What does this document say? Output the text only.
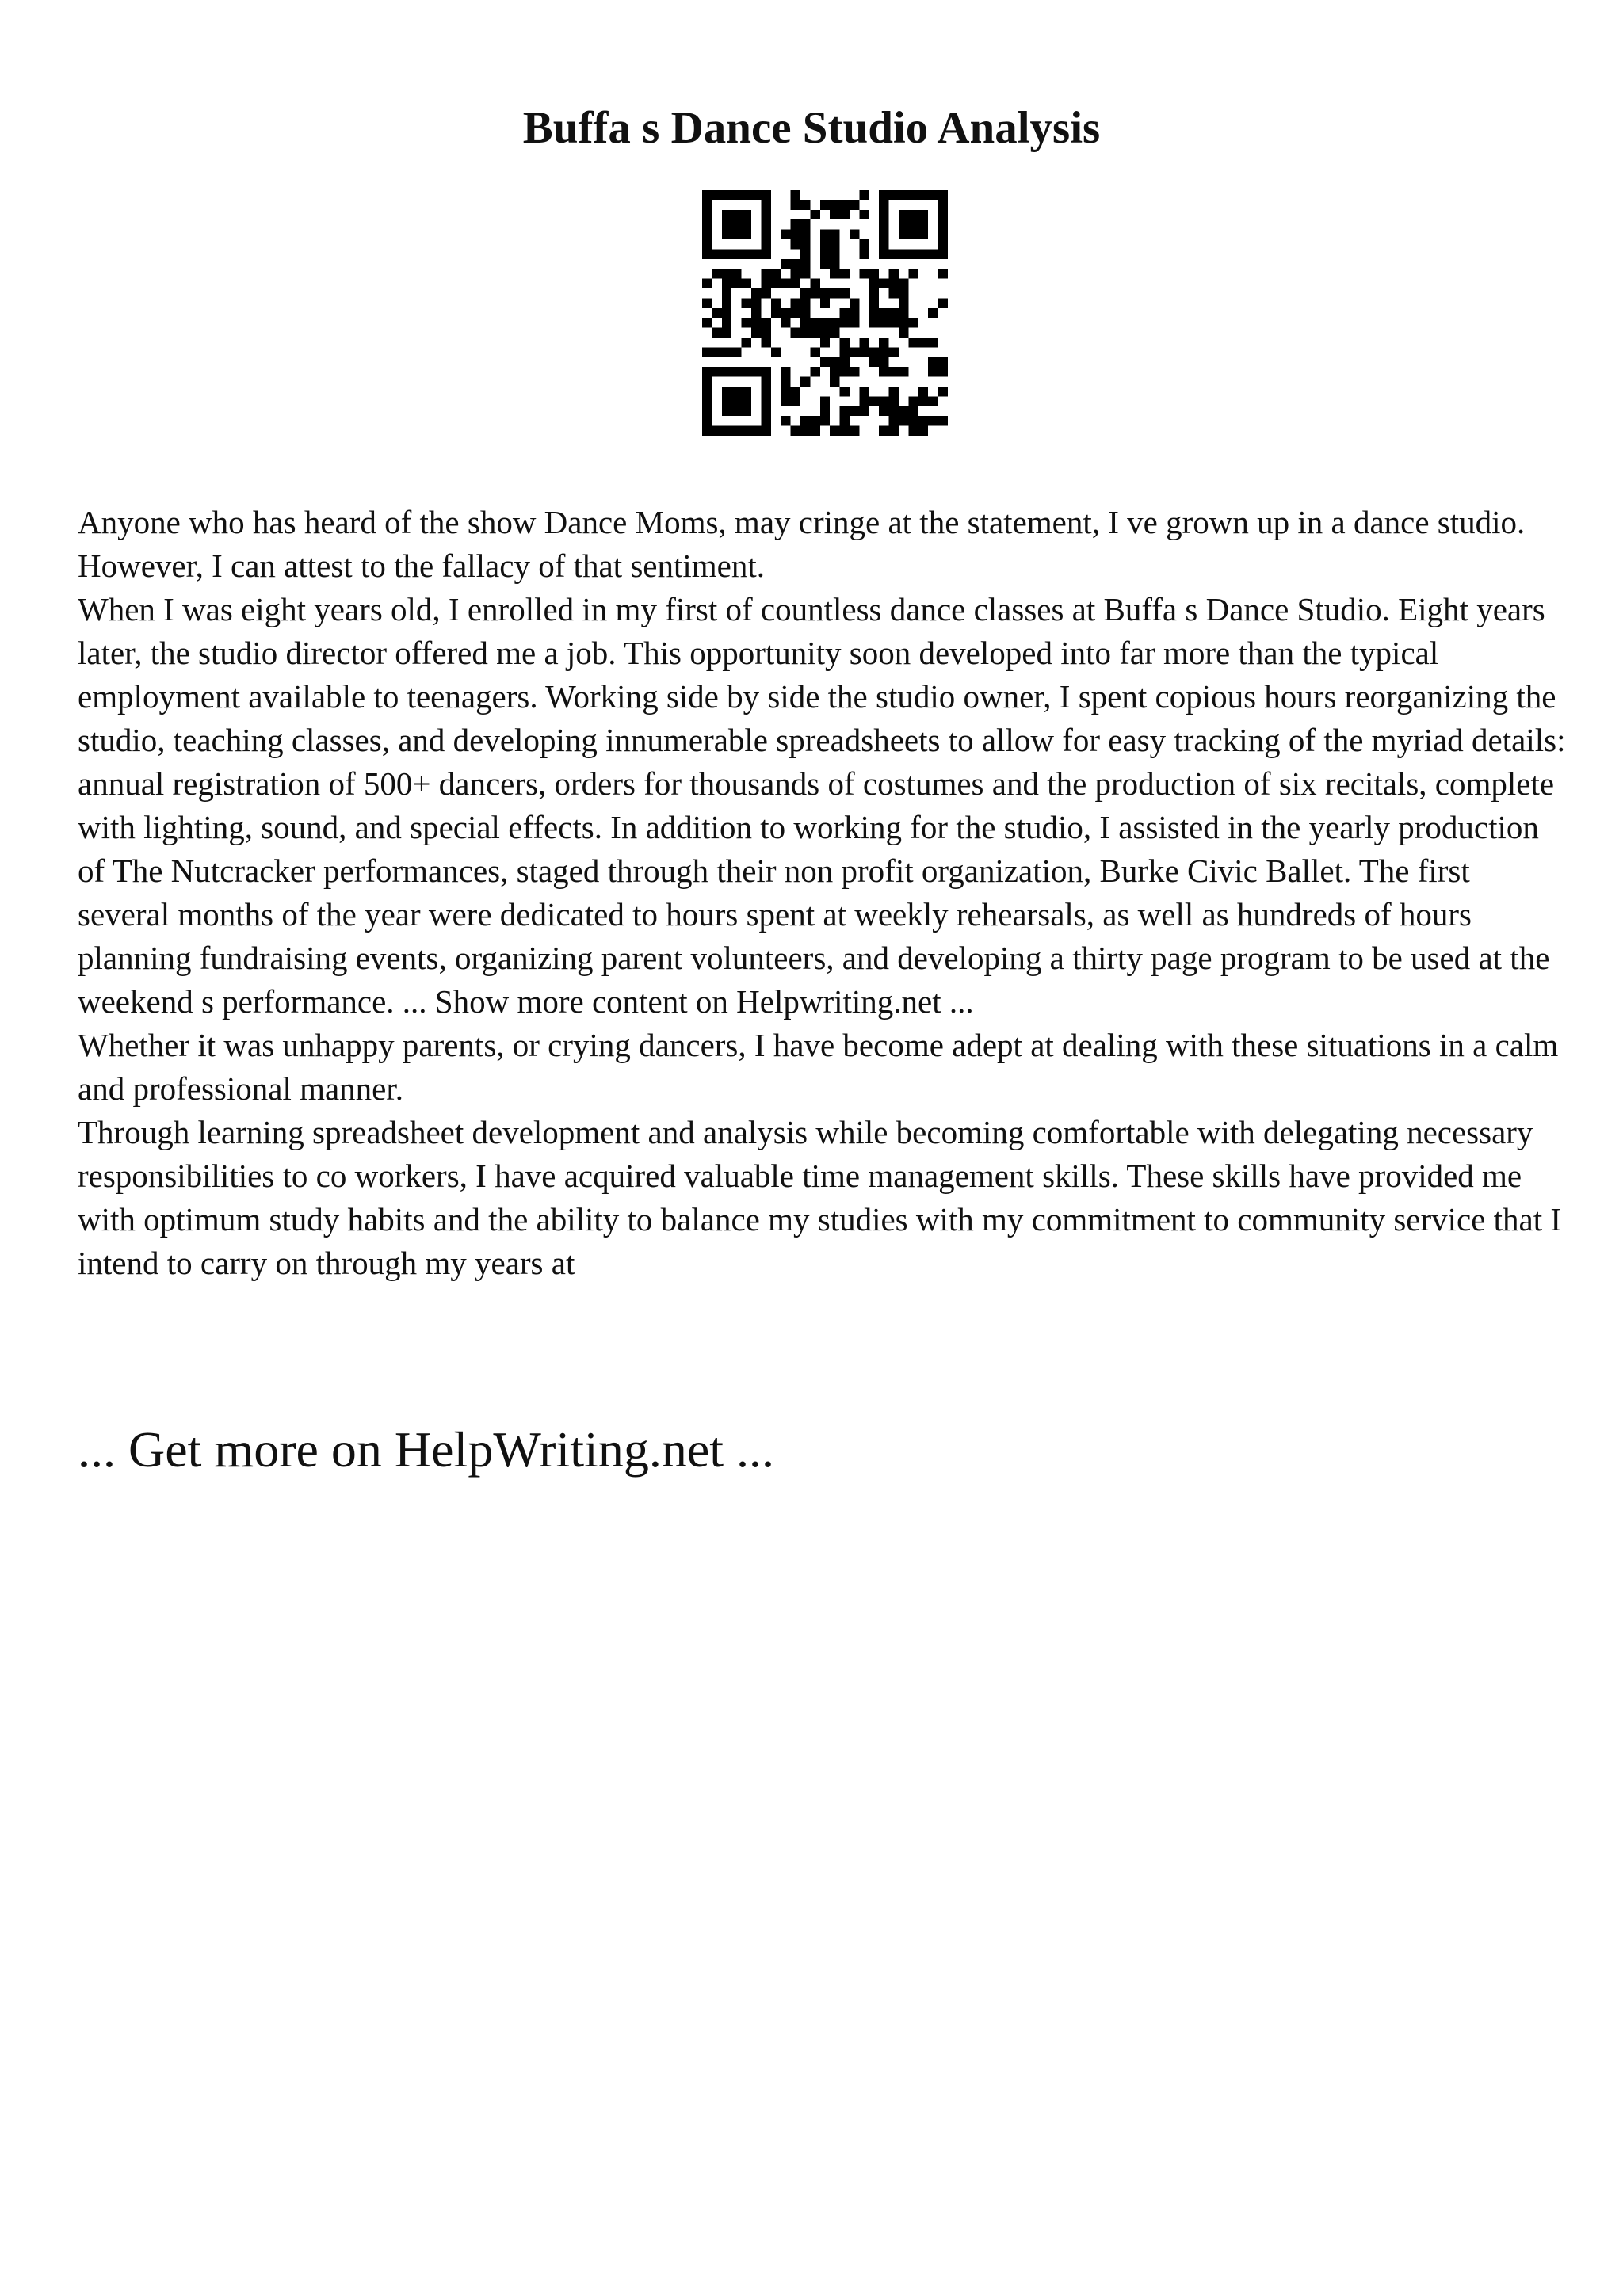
Buffa s Dance Studio Analysis

Anyone who has heard of the show Dance Moms, may cringe at the statement, I ve grown up in a dance studio. However, I can attest to the fallacy of that sentiment.

When I was eight years old, I enrolled in my first of countless dance classes at Buffa s Dance Studio. Eight years later, the studio director offered me a job. This opportunity soon developed into far more than the typical employment available to teenagers. Working side by side the studio owner, I spent copious hours reorganizing the studio, teaching classes, and developing innumerable spreadsheets to allow for easy tracking of the myriad details: annual registration of 500+ dancers, orders for thousands of costumes and the production of six recitals, complete with lighting, sound, and special effects. In addition to working for the studio, I assisted in the yearly production of The Nutcracker performances, staged through their non profit organization, Burke Civic Ballet. The first several months of the year were dedicated to hours spent at weekly rehearsals, as well as hundreds of hours planning fundraising events, organizing parent volunteers, and developing a thirty page program to be used at the weekend s performance. ... Show more content on Helpwriting.net ...

Whether it was unhappy parents, or crying dancers, I have become adept at dealing with these situations in a calm and professional manner.

Through learning spreadsheet development and analysis while becoming comfortable with delegating necessary responsibilities to co workers, I have acquired valuable time management skills. These skills have provided me with optimum study habits and the ability to balance my studies with my commitment to community service that I intend to carry on through my years at

... Get more on HelpWriting.net ...
